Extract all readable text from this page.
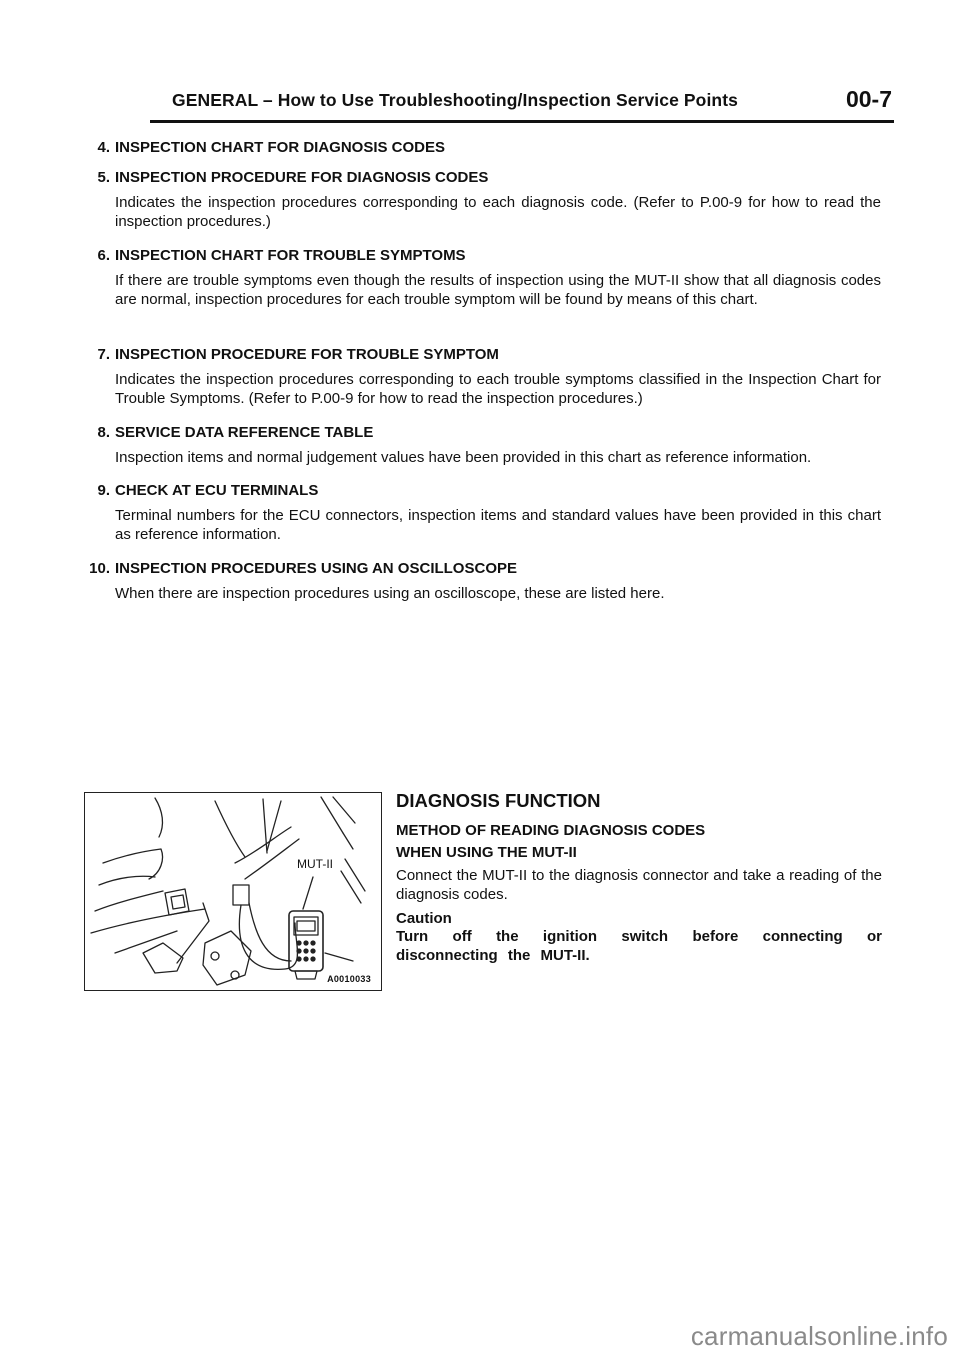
GENERAL – How to Use Troubleshooting/Inspection Service Points	00-7
4. INSPECTION CHART FOR DIAGNOSIS CODES
5. INSPECTION PROCEDURE FOR DIAGNOSIS CODES
Indicates the inspection procedures corresponding to each diagnosis code. (Refer to P.00-9 for how to read the inspection procedures.)
6. INSPECTION CHART FOR TROUBLE SYMPTOMS
If there are trouble symptoms even though the results of inspection using the MUT-II show that all diagnosis codes are normal, inspection procedures for each trouble symptom will be found by means of this chart.
7. INSPECTION PROCEDURE FOR TROUBLE SYMPTOM
Indicates the inspection procedures corresponding to each trouble symptoms classified in the Inspection Chart for Trouble Symptoms. (Refer to P.00-9 for how to read the inspection procedures.)
8. SERVICE DATA REFERENCE TABLE
Inspection items and normal judgement values have been provided in this chart as reference information.
9. CHECK AT ECU TERMINALS
Terminal numbers for the ECU connectors, inspection items and standard values have been provided in this chart as reference information.
10. INSPECTION PROCEDURES USING AN OSCILLOSCOPE
When there are inspection procedures using an oscilloscope, these are listed here.
MUT-II
A0010033

DIAGNOSIS FUNCTION

METHOD OF READING DIAGNOSIS CODES

WHEN USING THE MUT-II

Connect the MUT-II to the diagnosis connector and take a reading of the diagnosis codes.

Caution

Turn off the ignition switch before connecting or disconnecting the MUT-II.

carmanualsonline.info
